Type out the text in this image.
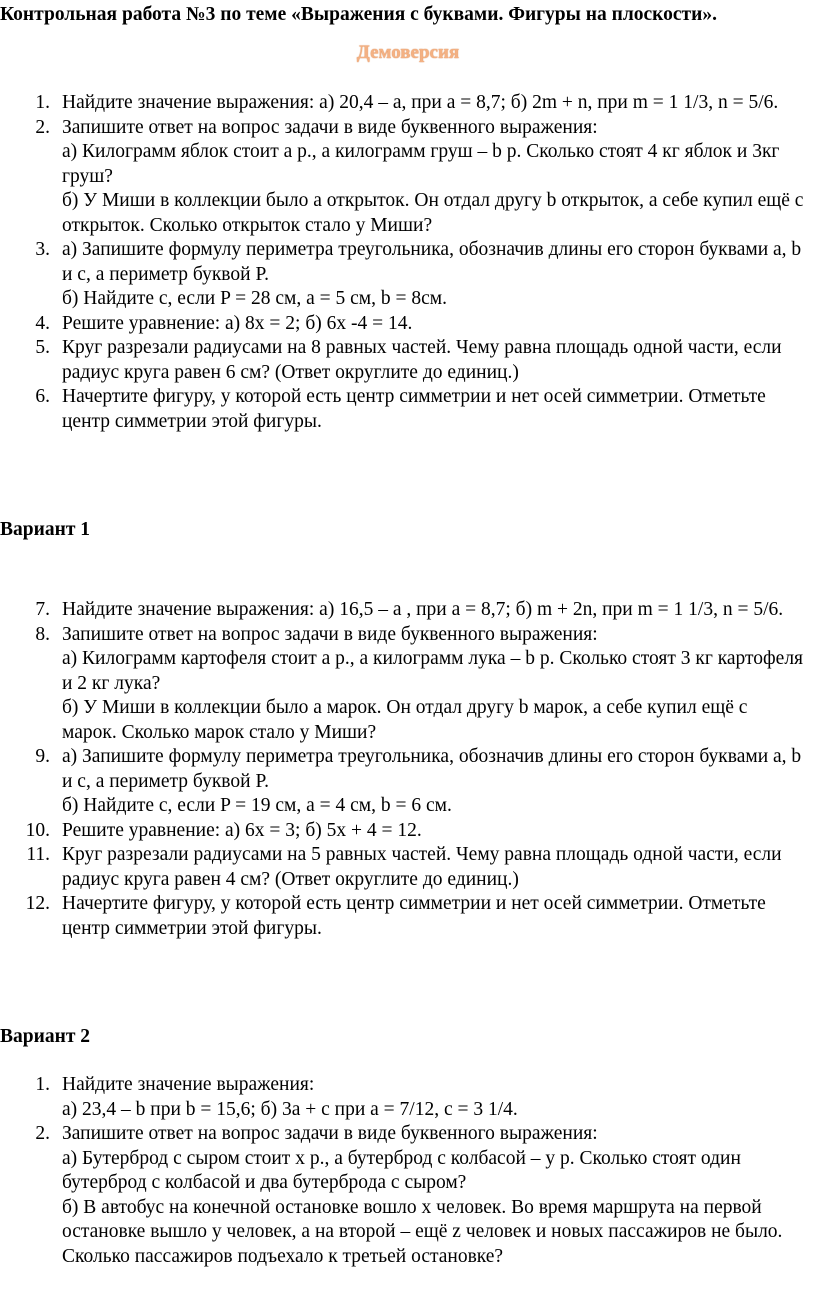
Контрольная работа №3 по теме «Выражения с буквами. Фигуры на плоскости».
Демоверсия
1. Найдите значение выражения: а) 20,4 – a, при a = 8,7; б) 2m + n, при m = 1 1/3, n = 5/6.
2. Запишите ответ на вопрос задачи в виде буквенного выражения:
а) Килограмм яблок стоит a р., а килограмм груш – b р. Сколько стоят 4 кг яблок и 3кг груш?
б) У Миши в коллекции было a открыток. Он отдал другу b открыток, а себе купил ещё с открыток. Сколько открыток стало у Миши?
3. а) Запишите формулу периметра треугольника, обозначив длины его сторон буквами a, b и c, а периметр буквой P.
б) Найдите c, если P = 28 см, a = 5 см, b = 8см.
4. Решите уравнение: а) 8x = 2; б) 6x -4 = 14.
5. Круг разрезали радиусами на 8 равных частей. Чему равна площадь одной части, если радиус круга равен 6 см? (Ответ округлите до единиц.)
6. Начертите фигуру, у которой есть центр симметрии и нет осей симметрии. Отметьте центр симметрии этой фигуры.
Вариант 1
7. Найдите значение выражения: а) 16,5 – a , при a = 8,7; б) m + 2n, при m = 1 1/3, n = 5/6.
8. Запишите ответ на вопрос задачи в виде буквенного выражения:
а) Килограмм картофеля стоит a р., а килограмм лука – b р. Сколько стоят 3 кг картофеля и 2 кг лука?
б) У Миши в коллекции было a марок. Он отдал другу b марок, а себе купил ещё с марок. Сколько марок стало у Миши?
9. а) Запишите формулу периметра треугольника, обозначив длины его сторон буквами a, b и c, а периметр буквой P.
б) Найдите c, если P = 19 см, a = 4 см, b = 6 см.
10. Решите уравнение: а) 6x = 3; б) 5x + 4 = 12.
11. Круг разрезали радиусами на 5 равных частей. Чему равна площадь одной части, если радиус круга равен 4 см? (Ответ округлите до единиц.)
12. Начертите фигуру, у которой есть центр симметрии и нет осей симметрии. Отметьте центр симметрии этой фигуры.
Вариант 2
1. Найдите значение выражения:
а) 23,4 – b при b = 15,6; б) 3a + c при a = 7/12, c = 3 1/4.
2. Запишите ответ на вопрос задачи в виде буквенного выражения:
а) Бутерброд с сыром стоит x р., а бутерброд с колбасой – y р. Сколько стоят один бутерброд с колбасой и два бутерброда с сыром?
б) В автобус на конечной остановке вошло x человек. Во время маршрута на первой остановке вышло y человек, а на второй – ещё z человек и новых пассажиров не было. Сколько пассажиров подъехало к третьей остановке?
